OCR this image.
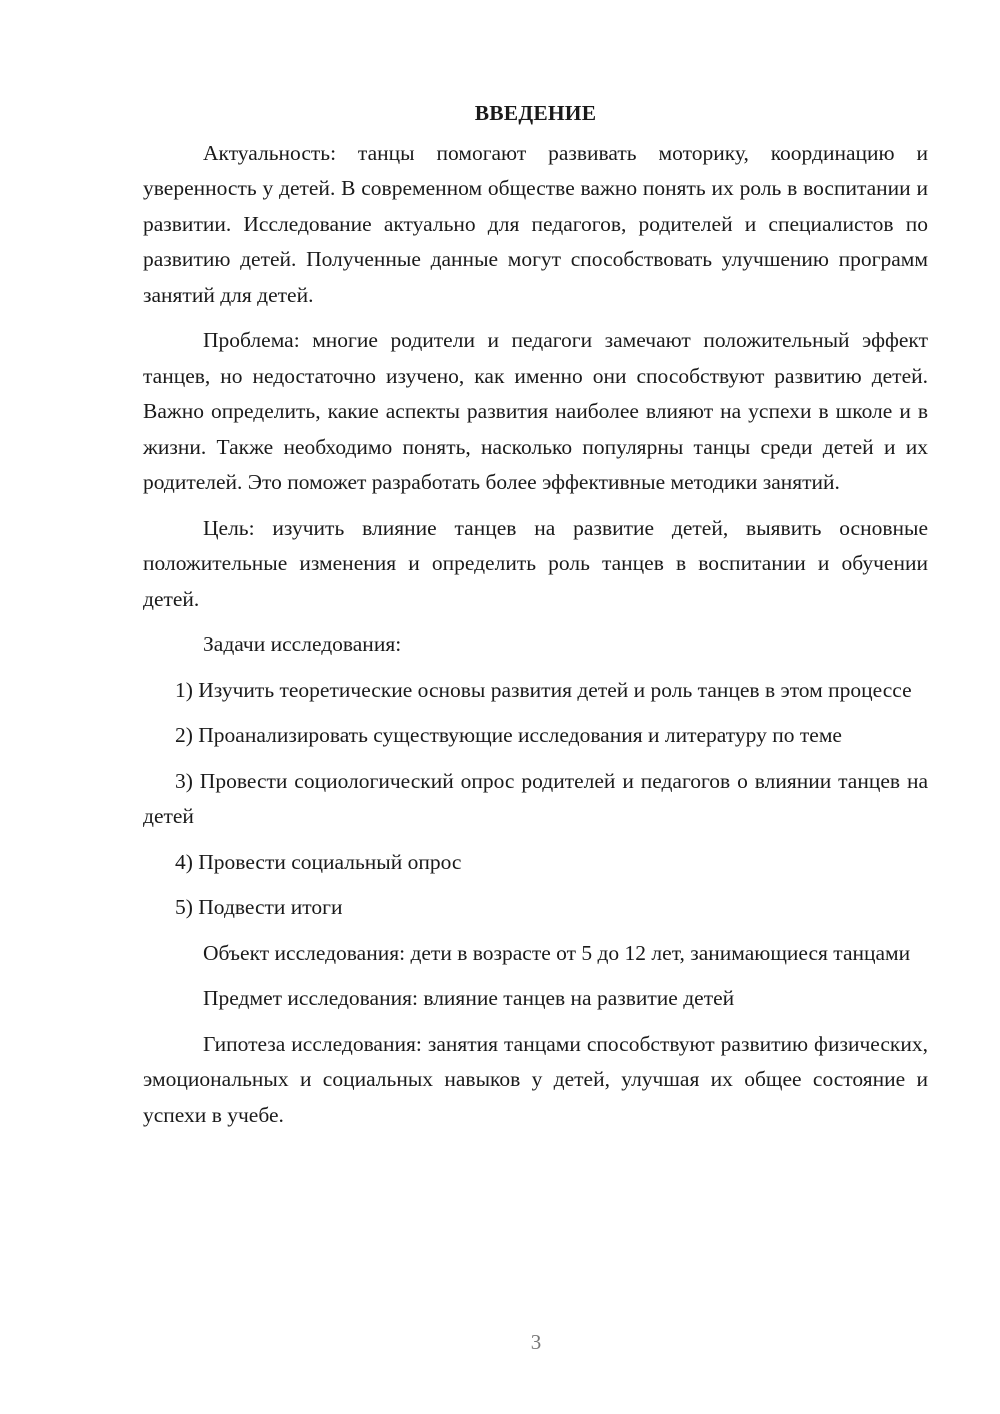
ВВЕДЕНИЕ

Актуальность: танцы помогают развивать моторику, координацию и уверенность у детей. В современном обществе важно понять их роль в воспитании и развитии. Исследование актуально для педагогов, родителей и специалистов по развитию детей. Полученные данные могут способствовать улучшению программ занятий для детей.

Проблема: многие родители и педагоги замечают положительный эффект танцев, но недостаточно изучено, как именно они способствуют развитию детей. Важно определить, какие аспекты развития наиболее влияют на успехи в школе и в жизни. Также необходимо понять, насколько популярны танцы среди детей и их родителей. Это поможет разработать более эффективные методики занятий.

Цель: изучить влияние танцев на развитие детей, выявить основные положительные изменения и определить роль танцев в воспитании и обучении детей.

Задачи исследования:

1) Изучить теоретические основы развития детей и роль танцев в этом процессе

2) Проанализировать существующие исследования и литературу по теме

3) Провести социологический опрос родителей и педагогов о влиянии танцев на детей

4) Провести социальный опрос

5) Подвести итоги

Объект исследования: дети в возрасте от 5 до 12 лет, занимающиеся танцами

Предмет исследования: влияние танцев на развитие детей

Гипотеза исследования: занятия танцами способствуют развитию физических, эмоциональных и социальных навыков у детей, улучшая их общее состояние и успехи в учебе.

3
